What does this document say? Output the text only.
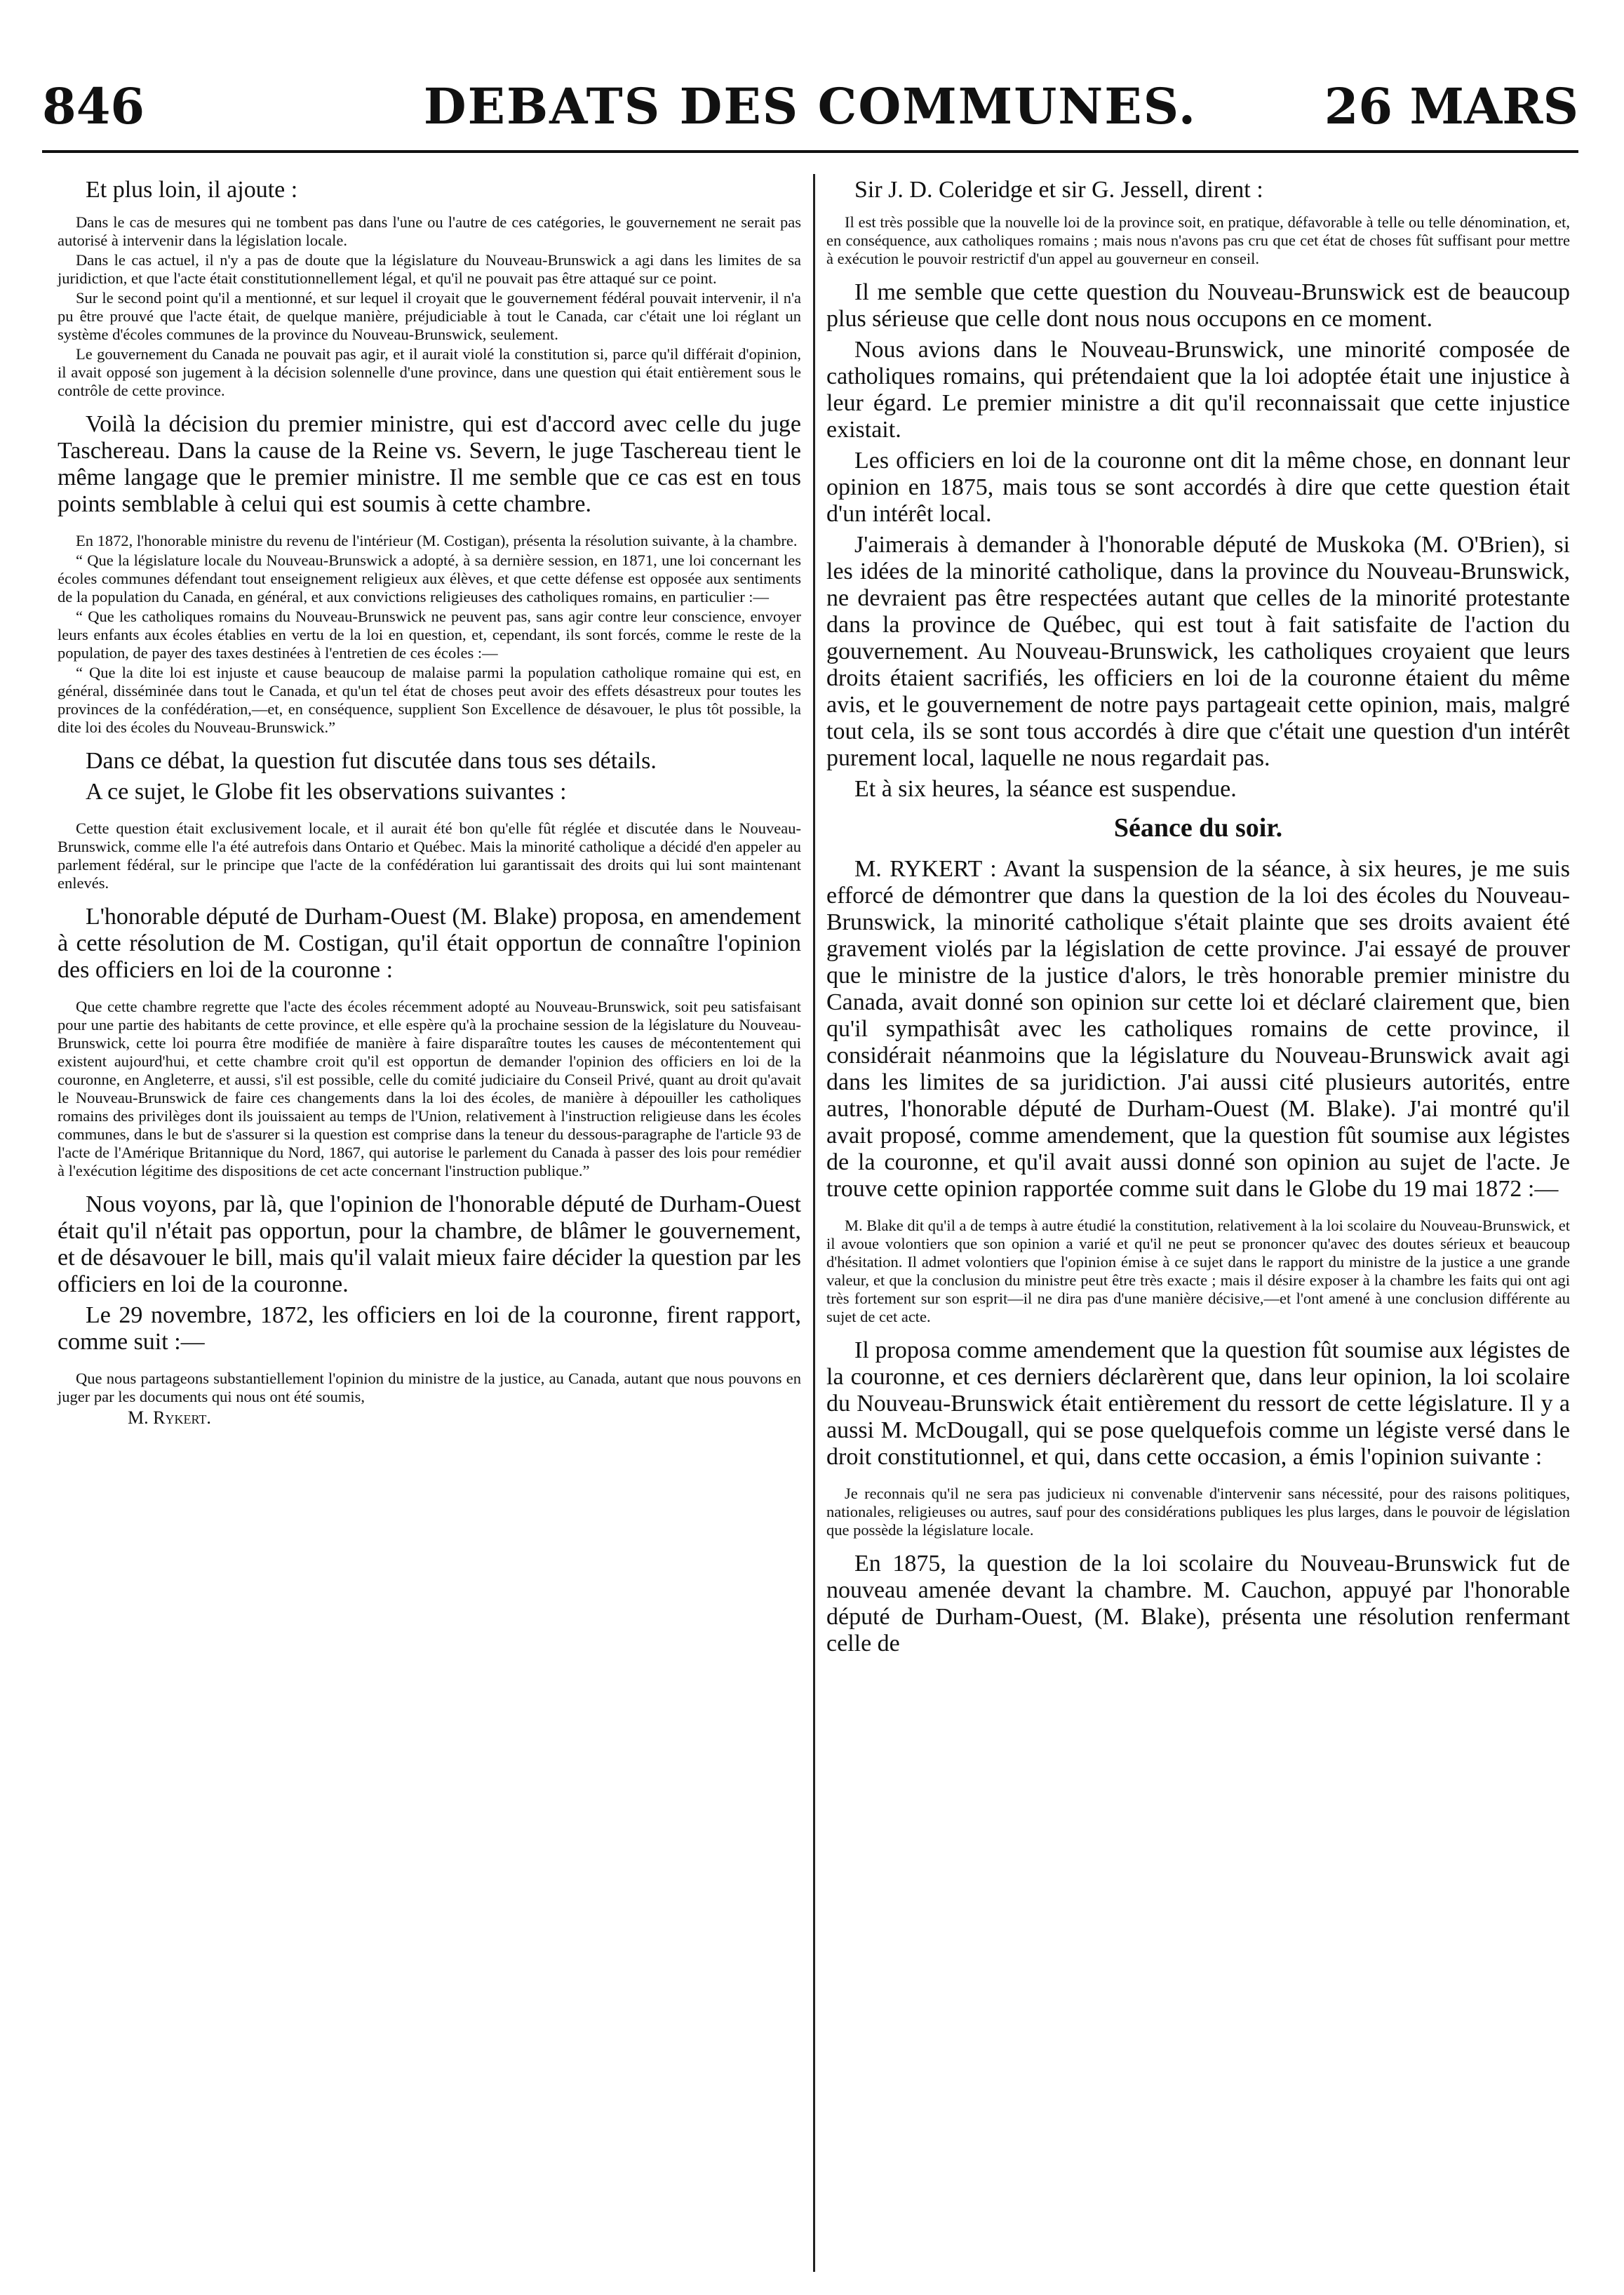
846	DEBATS DES COMMUNES.	26 MARS

Et plus loin, il ajoute :

Dans le cas de mesures qui ne tombent pas dans l'une ou l'autre de ces catégories, le gouvernement ne serait pas autorisé à intervenir dans la législation locale.

Dans le cas actuel, il n'y a pas de doute que la législature du Nouveau-Brunswick a agi dans les limites de sa juridiction, et que l'acte était constitutionnellement légal, et qu'il ne pouvait pas être attaqué sur ce point.

Sur le second point qu'il a mentionné, et sur lequel il croyait que le gouvernement fédéral pouvait intervenir, il n'a pu être prouvé que l'acte était, de quelque manière, préjudiciable à tout le Canada, car c'était une loi réglant un système d'écoles communes de la province du Nouveau-Brunswick, seulement.

Le gouvernement du Canada ne pouvait pas agir, et il aurait violé la constitution si, parce qu'il différait d'opinion, il avait opposé son jugement à la décision solennelle d'une province, dans une question qui était entièrement sous le contrôle de cette province.

Voilà la décision du premier ministre, qui est d'accord avec celle du juge Taschereau. Dans la cause de la Reine vs. Severn, le juge Taschereau tient le même langage que le premier ministre. Il me semble que ce cas est en tous points semblable à celui qui est soumis à cette chambre.

En 1872, l'honorable ministre du revenu de l'intérieur (M. Costigan), présenta la résolution suivante, à la chambre.

“ Que la législature locale du Nouveau-Brunswick a adopté, à sa dernière session, en 1871, une loi concernant les écoles communes défendant tout enseignement religieux aux élèves, et que cette défense est opposée aux sentiments de la population du Canada, en général, et aux convictions religieuses des catholiques romains, en particulier :—

“ Que les catholiques romains du Nouveau-Brunswick ne peuvent pas, sans agir contre leur conscience, envoyer leurs enfants aux écoles établies en vertu de la loi en question, et, cependant, ils sont forcés, comme le reste de la population, de payer des taxes destinées à l'entretien de ces écoles :—

“ Que la dite loi est injuste et cause beaucoup de malaise parmi la population catholique romaine qui est, en général, disséminée dans tout le Canada, et qu'un tel état de choses peut avoir des effets désastreux pour toutes les provinces de la confédération,—et, en conséquence, supplient Son Excellence de désavouer, le plus tôt possible, la dite loi des écoles du Nouveau-Brunswick.”

Dans ce débat, la question fut discutée dans tous ses détails.

A ce sujet, le Globe fit les observations suivantes :

Cette question était exclusivement locale, et il aurait été bon qu'elle fût réglée et discutée dans le Nouveau-Brunswick, comme elle l'a été autrefois dans Ontario et Québec. Mais la minorité catholique a décidé d'en appeler au parlement fédéral, sur le principe que l'acte de la confédération lui garantissait des droits qui lui sont maintenant enlevés.

L'honorable député de Durham-Ouest (M. Blake) proposa, en amendement à cette résolution de M. Costigan, qu'il était opportun de connaître l'opinion des officiers en loi de la couronne :

Que cette chambre regrette que l'acte des écoles récemment adopté au Nouveau-Brunswick, soit peu satisfaisant pour une partie des habitants de cette province, et elle espère qu'à la prochaine session de la législature du Nouveau-Brunswick, cette loi pourra être modifiée de manière à faire disparaître toutes les causes de mécontentement qui existent aujourd'hui, et cette chambre croit qu'il est opportun de demander l'opinion des officiers en loi de la couronne, en Angleterre, et aussi, s'il est possible, celle du comité judiciaire du Conseil Privé, quant au droit qu'avait le Nouveau-Brunswick de faire ces changements dans la loi des écoles, de manière à dépouiller les catholiques romains des privilèges dont ils jouissaient au temps de l'Union, relativement à l'instruction religieuse dans les écoles communes, dans le but de s'assurer si la question est comprise dans la teneur du dessous-paragraphe de l'article 93 de l'acte de l'Amérique Britannique du Nord, 1867, qui autorise le parlement du Canada à passer des lois pour remédier à l'exécution légitime des dispositions de cet acte concernant l'instruction publique.”

Nous voyons, par là, que l'opinion de l'honorable député de Durham-Ouest était qu'il n'était pas opportun, pour la chambre, de blâmer le gouvernement, et de désavouer le bill, mais qu'il valait mieux faire décider la question par les officiers en loi de la couronne.

Le 29 novembre, 1872, les officiers en loi de la couronne, firent rapport, comme suit :—

Que nous partageons substantiellement l'opinion du ministre de la justice, au Canada, autant que nous pouvons en juger par les documents qui nous ont été soumis,

M. Rykert.

Sir J. D. Coleridge et sir G. Jessell, dirent :

Il est très possible que la nouvelle loi de la province soit, en pratique, défavorable à telle ou telle dénomination, et, en conséquence, aux catholiques romains ; mais nous n'avons pas cru que cet état de choses fût suffisant pour mettre à exécution le pouvoir restrictif d'un appel au gouverneur en conseil.

Il me semble que cette question du Nouveau-Brunswick est de beaucoup plus sérieuse que celle dont nous nous occupons en ce moment.

Nous avions dans le Nouveau-Brunswick, une minorité composée de catholiques romains, qui prétendaient que la loi adoptée était une injustice à leur égard. Le premier ministre a dit qu'il reconnaissait que cette injustice existait.

Les officiers en loi de la couronne ont dit la même chose, en donnant leur opinion en 1875, mais tous se sont accordés à dire que cette question était d'un intérêt local.

J'aimerais à demander à l'honorable député de Muskoka (M. O'Brien), si les idées de la minorité catholique, dans la province du Nouveau-Brunswick, ne devraient pas être respectées autant que celles de la minorité protestante dans la province de Québec, qui est tout à fait satisfaite de l'action du gouvernement. Au Nouveau-Brunswick, les catholiques croyaient que leurs droits étaient sacrifiés, les officiers en loi de la couronne étaient du même avis, et le gouvernement de notre pays partageait cette opinion, mais, malgré tout cela, ils se sont tous accordés à dire que c'était une question d'un intérêt purement local, laquelle ne nous regardait pas.

Et à six heures, la séance est suspendue.

Séance du soir.

M. RYKERT : Avant la suspension de la séance, à six heures, je me suis efforcé de démontrer que dans la question de la loi des écoles du Nouveau-Brunswick, la minorité catholique s'était plainte que ses droits avaient été gravement violés par la législation de cette province. J'ai essayé de prouver que le ministre de la justice d'alors, le très honorable premier ministre du Canada, avait donné son opinion sur cette loi et déclaré clairement que, bien qu'il sympathisât avec les catholiques romains de cette province, il considérait néanmoins que la législature du Nouveau-Brunswick avait agi dans les limites de sa juridiction. J'ai aussi cité plusieurs autorités, entre autres, l'honorable député de Durham-Ouest (M. Blake). J'ai montré qu'il avait proposé, comme amendement, que la question fût soumise aux légistes de la couronne, et qu'il avait aussi donné son opinion au sujet de l'acte. Je trouve cette opinion rapportée comme suit dans le Globe du 19 mai 1872 :—

M. Blake dit qu'il a de temps à autre étudié la constitution, relativement à la loi scolaire du Nouveau-Brunswick, et il avoue volontiers que son opinion a varié et qu'il ne peut se prononcer qu'avec des doutes sérieux et beaucoup d'hésitation. Il admet volontiers que l'opinion émise à ce sujet dans le rapport du ministre de la justice a une grande valeur, et que la conclusion du ministre peut être très exacte ; mais il désire exposer à la chambre les faits qui ont agi très fortement sur son esprit—il ne dira pas d'une manière décisive,—et l'ont amené à une conclusion différente au sujet de cet acte.

Il proposa comme amendement que la question fût soumise aux légistes de la couronne, et ces derniers déclarèrent que, dans leur opinion, la loi scolaire du Nouveau-Brunswick était entièrement du ressort de cette législature. Il y a aussi M. McDougall, qui se pose quelquefois comme un légiste versé dans le droit constitutionnel, et qui, dans cette occasion, a émis l'opinion suivante :

Je reconnais qu'il ne sera pas judicieux ni convenable d'intervenir sans nécessité, pour des raisons politiques, nationales, religieuses ou autres, sauf pour des considérations publiques les plus larges, dans le pouvoir de législation que possède la législature locale.

En 1875, la question de la loi scolaire du Nouveau-Brunswick fut de nouveau amenée devant la chambre. M. Cauchon, appuyé par l'honorable député de Durham-Ouest, (M. Blake), présenta une résolution renfermant celle de
